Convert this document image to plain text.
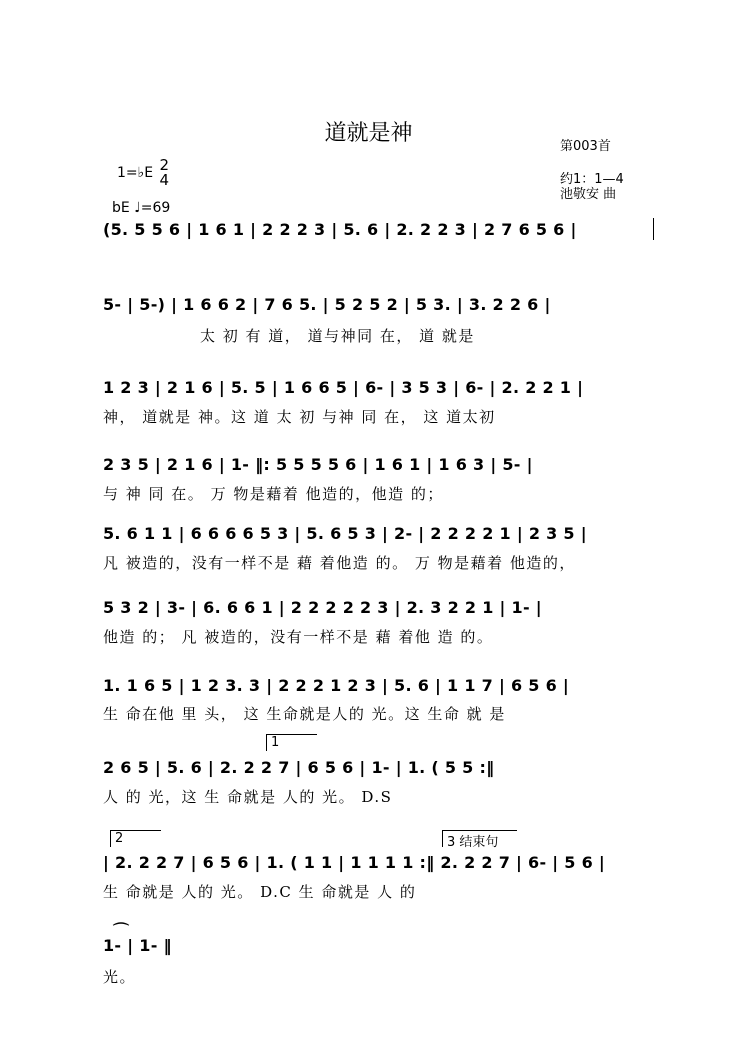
道就是神
第003首
1=♭E 2
4	约1：1—4
池敬安 曲
bE ♩=69
(5. 5 5 6 | 1 6 1 | 2 2 2 3 | 5. 6 | 2. 2 2 3 | 2 7 6 5 6 |
5- | 5-) | 1 6 6 2 | 7 6 5. | 5 2 5 2 | 5 3. | 3. 2 2 6 |
太 初 有 道， 道与神同 在， 道 就是
1 2 3 | 2 1 6 | 5. 5 | 1 6 6 5 | 6- | 3 5 3 | 6- | 2. 2 2 1 |
神， 道就是 神。这 道 太 初 与神 同 在， 这 道太初
2 3 5 | 2 1 6 | 1- ‖: 5 5 5 5 6 | 1 6 1 | 1 6 3 | 5- |
与 神 同 在。 万 物是藉着 他造的，他造 的；
5. 6 1 1 | 6 6 6 6 5 3 | 5. 6 5 3 | 2- | 2 2 2 2 1 | 2 3 5 |
凡 被造的，没有一样不是 藉 着他造 的。 万 物是藉着 他造的，
5 3 2 | 3- | 6. 6 6 1 | 2 2 2 2 2 3 | 2. 3 2 2 1 | 1- |
他造 的； 凡 被造的，没有一样不是 藉 着他 造 的。
1. 1 6 5 | 1 2 3. 3 | 2 2 2 1 2 3 | 5. 6 | 1 1 7 | 6 5 6 |
生 命在他 里 头， 这 生命就是人的 光。这 生命 就 是
1
2 6 5 | 5. 6 | 2. 2 2 7 | 6 5 6 | 1- | 1. ( 5 5 :‖
人 的 光，这 生 命就是 人的 光。 D.S
2	3 结束句
| 2. 2 2 7 | 6 5 6 | 1. ( 1 1 | 1 1 1 1 :‖ 2. 2 2 7 | 6- | 5 6 |
生 命就是 人的 光。 D.C 生 命就是 人 的
⌒
1- | 1- ‖
光。
